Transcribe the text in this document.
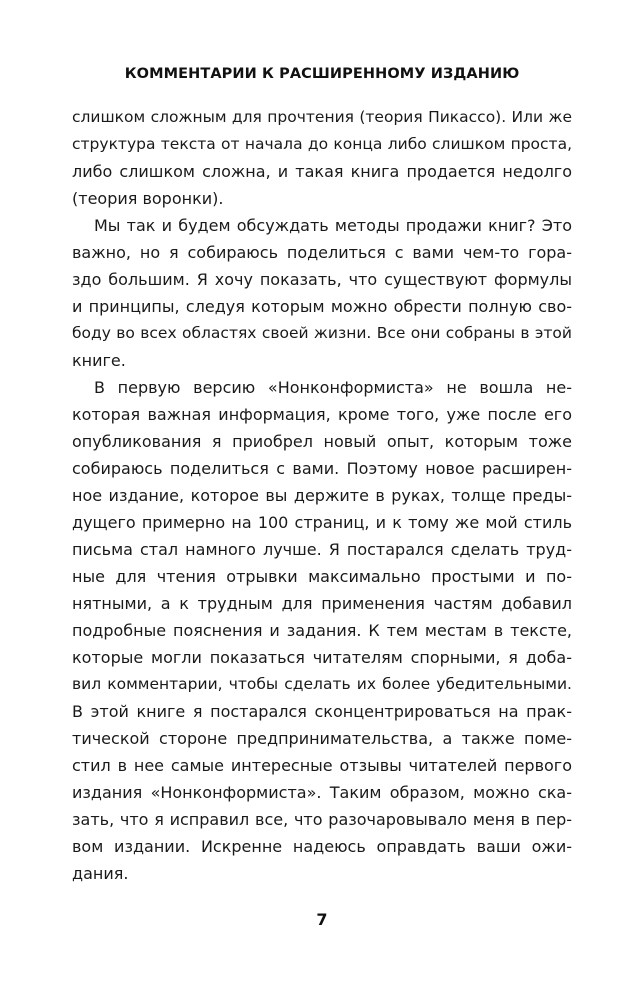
КОММЕНТАРИИ К РАСШИРЕННОМУ ИЗДАНИЮ
слишком сложным для прочтения (теория Пикассо). Или же
структура текста от начала до конца либо слишком проста,
либо слишком сложна, и такая книга продается недолго
(теория воронки).
Мы так и будем обсуждать методы продажи книг? Это
важно, но я собираюсь поделиться с вами чем-то гора-
здо большим. Я хочу показать, что существуют формулы
и принципы, следуя которым можно обрести полную сво-
боду во всех областях своей жизни. Все они собраны в этой
книге.
В первую версию «Нонконформиста» не вошла не-
которая важная информация, кроме того, уже после его
опубликования я приобрел новый опыт, которым тоже
собираюсь поделиться с вами. Поэтому новое расширен-
ное издание, которое вы держите в руках, толще преды-
дущего примерно на 100 страниц, и к тому же мой стиль
письма стал намного лучше. Я постарался сделать труд-
ные для чтения отрывки максимально простыми и по-
нятными, а к трудным для применения частям добавил
подробные пояснения и задания. К тем местам в тексте,
которые могли показаться читателям спорными, я доба-
вил комментарии, чтобы сделать их более убедительными.
В этой книге я постарался сконцентрироваться на прак-
тической стороне предпринимательства, а также поме-
стил в нее самые интересные отзывы читателей первого
издания «Нонконформиста». Таким образом, можно ска-
зать, что я исправил все, что разочаровывало меня в пер-
вом издании. Искренне надеюсь оправдать ваши ожи-
дания.
7
